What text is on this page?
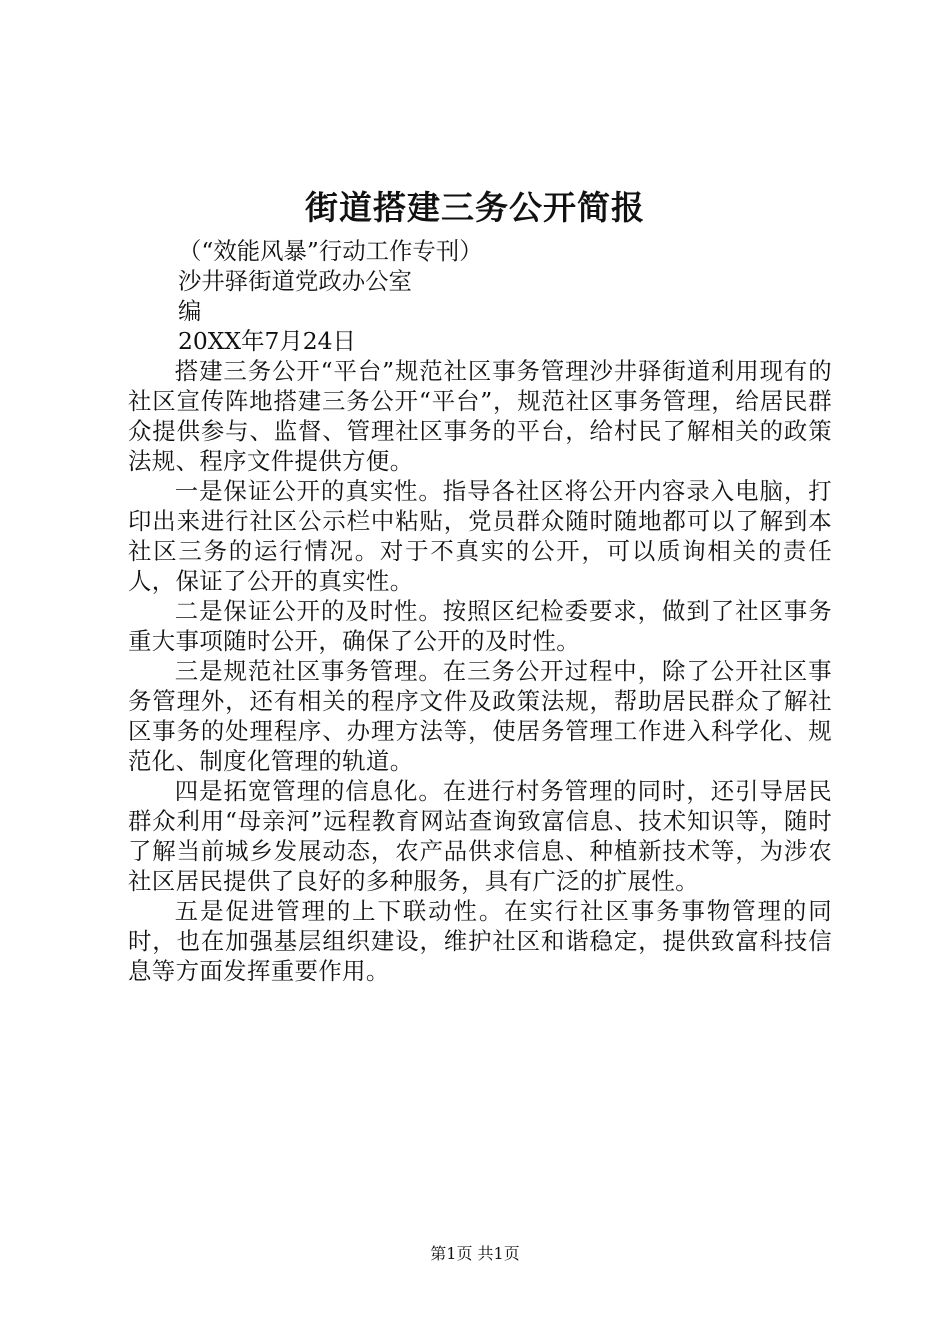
街道搭建三务公开简报
（“效能风暴”行动工作专刊）
沙井驿街道党政办公室
编
20XX年7月24日

搭建三务公开“平台”规范社区事务管理沙井驿街道利用现有的社区宣传阵地搭建三务公开“平台”，规范社区事务管理，给居民群众提供参与、监督、管理社区事务的平台，给村民了解相关的政策法规、程序文件提供方便。

一是保证公开的真实性。指导各社区将公开内容录入电脑，打印出来进行社区公示栏中粘贴，党员群众随时随地都可以了解到本社区三务的运行情况。对于不真实的公开，可以质询相关的责任人，保证了公开的真实性。

二是保证公开的及时性。按照区纪检委要求，做到了社区事务重大事项随时公开，确保了公开的及时性。

三是规范社区事务管理。在三务公开过程中，除了公开社区事务管理外，还有相关的程序文件及政策法规，帮助居民群众了解社区事务的处理程序、办理方法等，使居务管理工作进入科学化、规范化、制度化管理的轨道。

四是拓宽管理的信息化。在进行村务管理的同时，还引导居民群众利用“母亲河”远程教育网站查询致富信息、技术知识等，随时了解当前城乡发展动态，农产品供求信息、种植新技术等，为涉农社区居民提供了良好的多种服务，具有广泛的扩展性。

五是促进管理的上下联动性。在实行社区事务事物管理的同时，也在加强基层组织建设，维护社区和谐稳定，提供致富科技信息等方面发挥重要作用。

第1页 共1页
